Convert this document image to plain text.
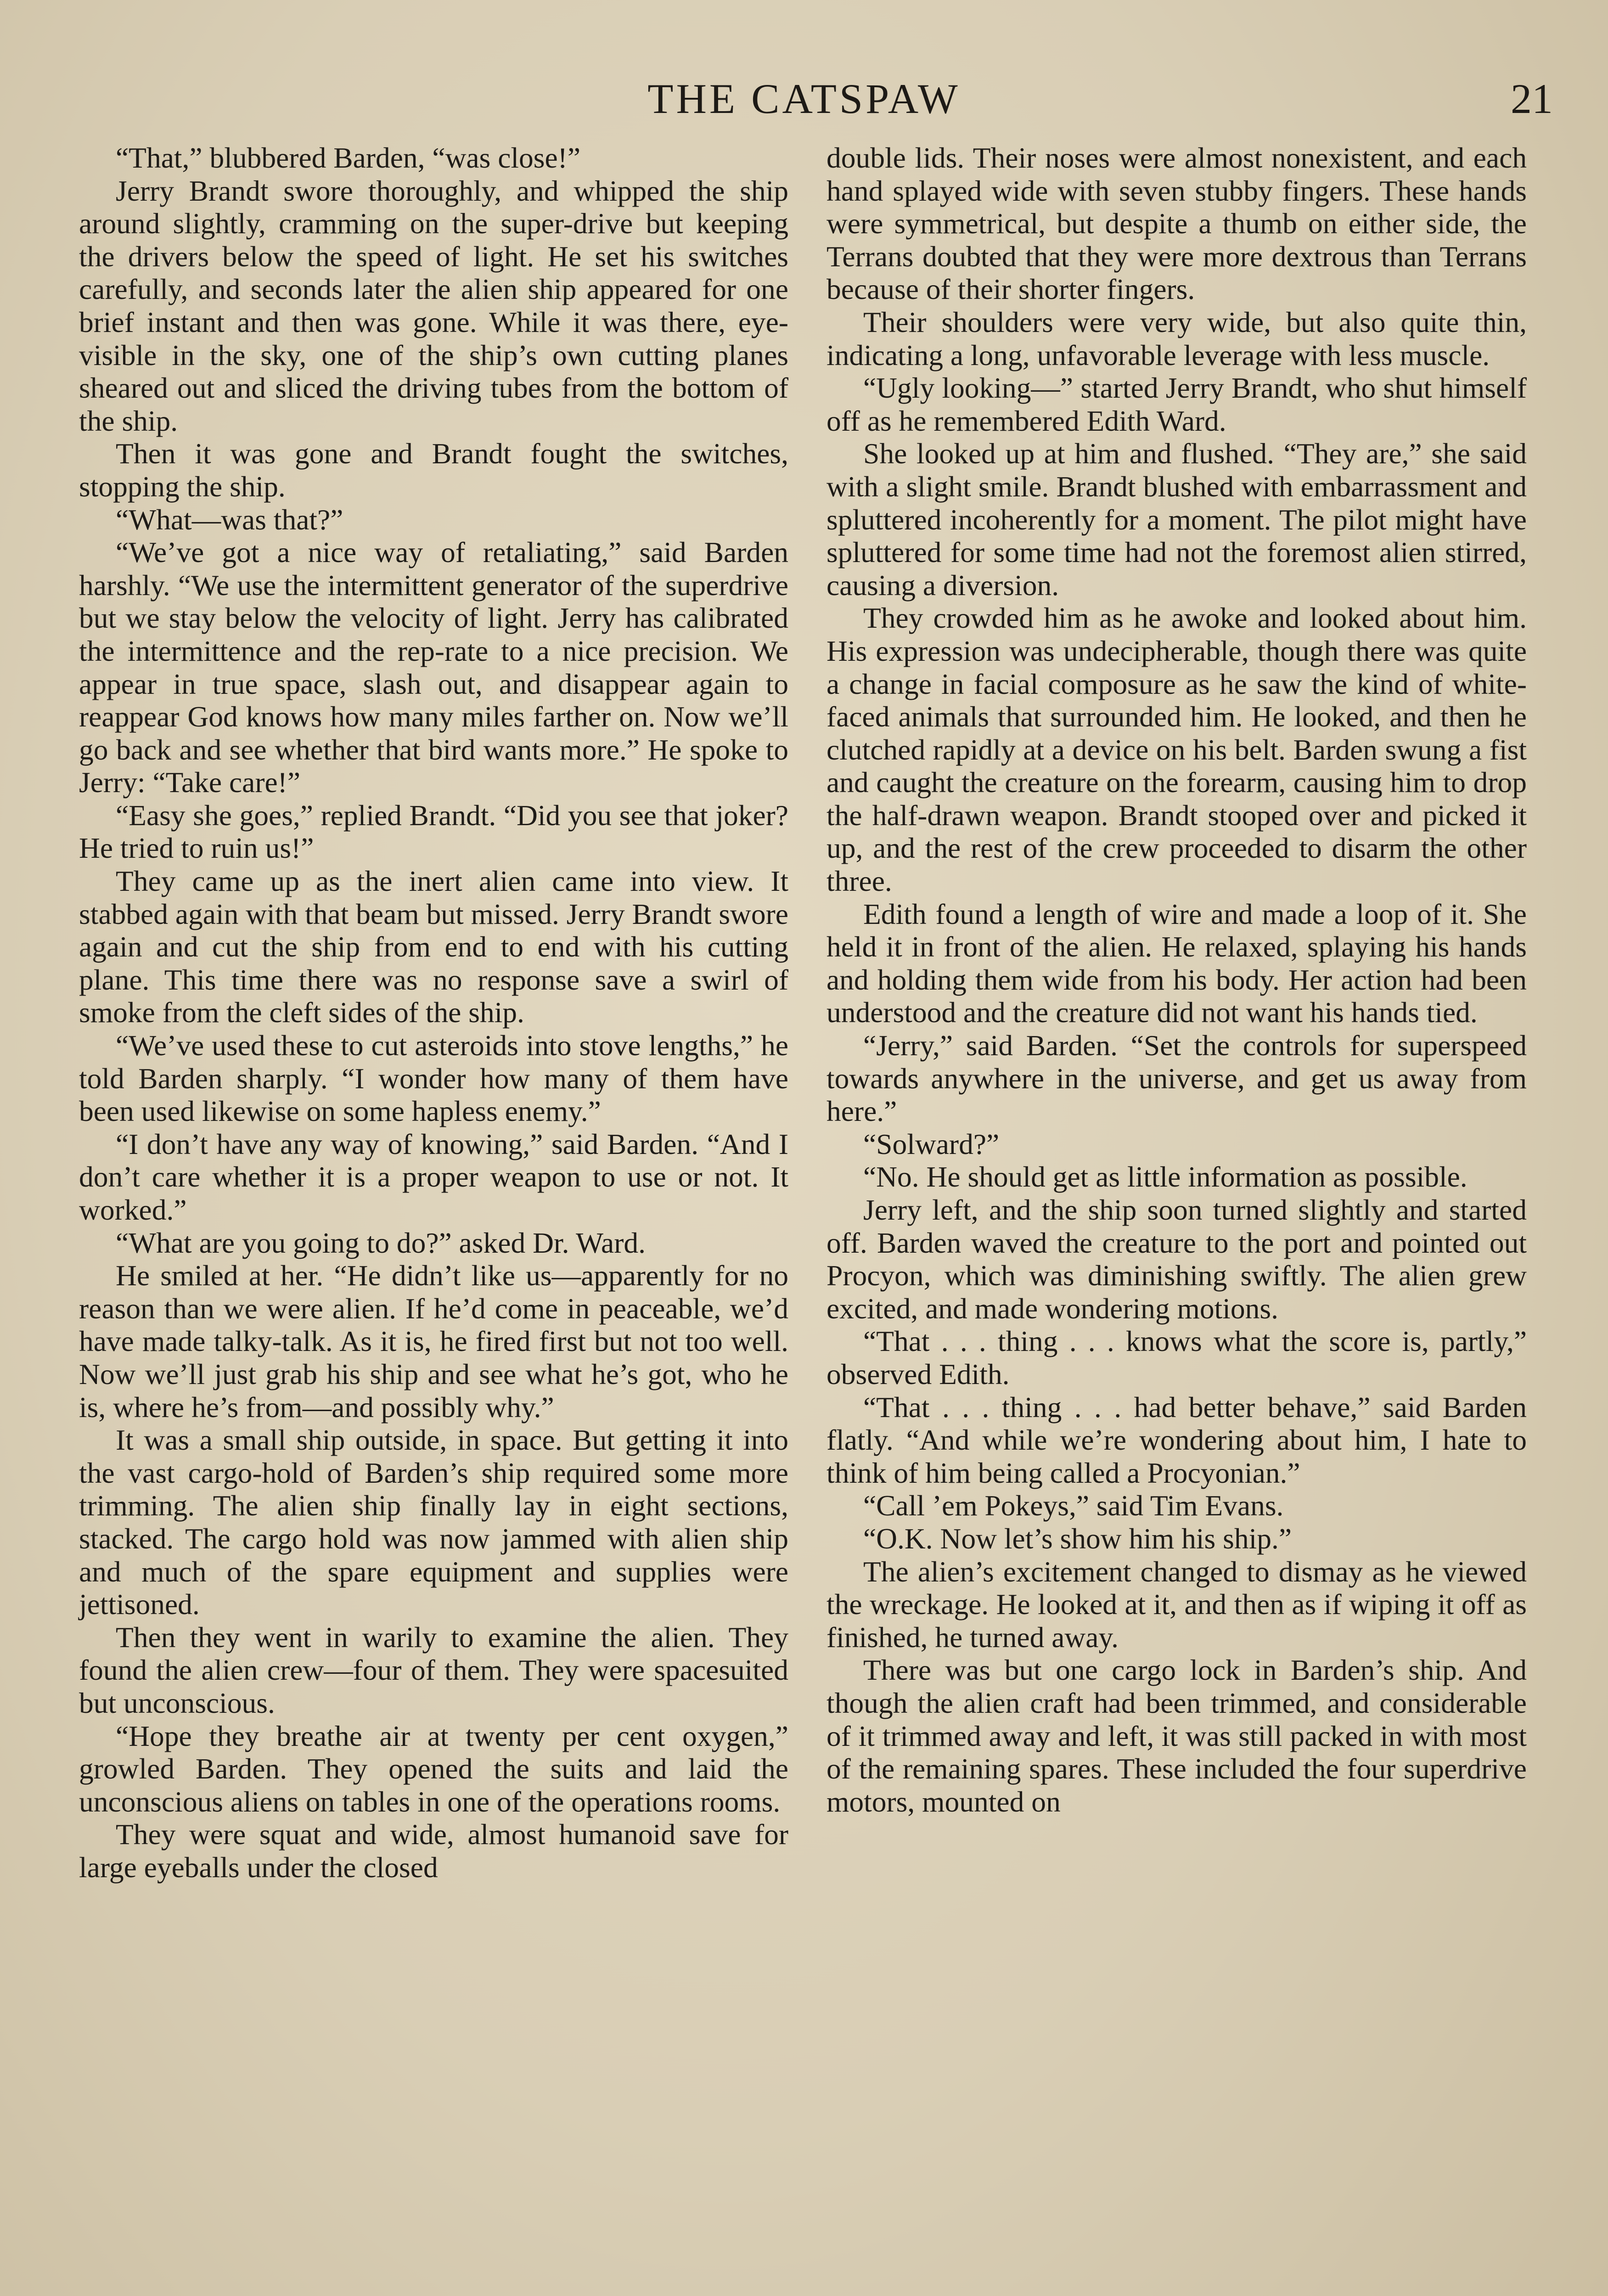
THE CATSPAW	21

“That,” blubbered Barden, “was close!”

Jerry Brandt swore thoroughly, and whipped the ship around slightly, cramming on the super-drive but keeping the drivers below the speed of light. He set his switches carefully, and seconds later the alien ship appeared for one brief instant and then was gone. While it was there, eye-visible in the sky, one of the ship’s own cutting planes sheared out and sliced the driving tubes from the bottom of the ship.

Then it was gone and Brandt fought the switches, stopping the ship.

“What—was that?”

“We’ve got a nice way of retaliating,” said Barden harshly. “We use the intermittent generator of the superdrive but we stay below the velocity of light. Jerry has calibrated the intermittence and the rep-rate to a nice precision. We appear in true space, slash out, and disappear again to reappear God knows how many miles farther on. Now we’ll go back and see whether that bird wants more.” He spoke to Jerry: “Take care!”

“Easy she goes,” replied Brandt. “Did you see that joker? He tried to ruin us!”

They came up as the inert alien came into view. It stabbed again with that beam but missed. Jerry Brandt swore again and cut the ship from end to end with his cutting plane. This time there was no response save a swirl of smoke from the cleft sides of the ship.

“We’ve used these to cut asteroids into stove lengths,” he told Barden sharply. “I wonder how many of them have been used likewise on some hapless enemy.”

“I don’t have any way of knowing,” said Barden. “And I don’t care whether it is a proper weapon to use or not. It worked.”

“What are you going to do?” asked Dr. Ward.

He smiled at her. “He didn’t like us—apparently for no reason than we were alien. If he’d come in peaceable, we’d have made talky-talk. As it is, he fired first but not too well. Now we’ll just grab his ship and see what he’s got, who he is, where he’s from—and possibly why.”

It was a small ship outside, in space. But getting it into the vast cargo-hold of Barden’s ship required some more trimming. The alien ship finally lay in eight sections, stacked. The cargo hold was now jammed with alien ship and much of the spare equipment and supplies were jettisoned.

Then they went in warily to examine the alien. They found the alien crew—four of them. They were spacesuited but unconscious.

“Hope they breathe air at twenty per cent oxygen,” growled Barden. They opened the suits and laid the unconscious aliens on tables in one of the operations rooms.

They were squat and wide, almost humanoid save for large eyeballs under the closed

double lids. Their noses were almost nonexistent, and each hand splayed wide with seven stubby fingers. These hands were symmetrical, but despite a thumb on either side, the Terrans doubted that they were more dextrous than Terrans because of their shorter fingers.

Their shoulders were very wide, but also quite thin, indicating a long, unfavorable leverage with less muscle.

“Ugly looking—” started Jerry Brandt, who shut himself off as he remembered Edith Ward.

She looked up at him and flushed. “They are,” she said with a slight smile. Brandt blushed with embarrassment and spluttered incoherently for a moment. The pilot might have spluttered for some time had not the foremost alien stirred, causing a diversion.

They crowded him as he awoke and looked about him. His expression was undecipherable, though there was quite a change in facial composure as he saw the kind of white-faced animals that surrounded him. He looked, and then he clutched rapidly at a device on his belt. Barden swung a fist and caught the creature on the forearm, causing him to drop the half-drawn weapon. Brandt stooped over and picked it up, and the rest of the crew proceeded to disarm the other three.

Edith found a length of wire and made a loop of it. She held it in front of the alien. He relaxed, splaying his hands and holding them wide from his body. Her action had been understood and the creature did not want his hands tied.

“Jerry,” said Barden. “Set the controls for superspeed towards anywhere in the universe, and get us away from here.”

“Solward?”

“No. He should get as little information as possible.

Jerry left, and the ship soon turned slightly and started off. Barden waved the creature to the port and pointed out Procyon, which was diminishing swiftly. The alien grew excited, and made wondering motions.

“That . . . thing . . . knows what the score is, partly,” observed Edith.

“That . . . thing . . . had better behave,” said Barden flatly. “And while we’re wondering about him, I hate to think of him being called a Procyonian.”

“Call ’em Pokeys,” said Tim Evans.

“O.K. Now let’s show him his ship.”

The alien’s excitement changed to dismay as he viewed the wreckage. He looked at it, and then as if wiping it off as finished, he turned away.

There was but one cargo lock in Barden’s ship. And though the alien craft had been trimmed, and considerable of it trimmed away and left, it was still packed in with most of the remaining spares. These included the four superdrive motors, mounted on
